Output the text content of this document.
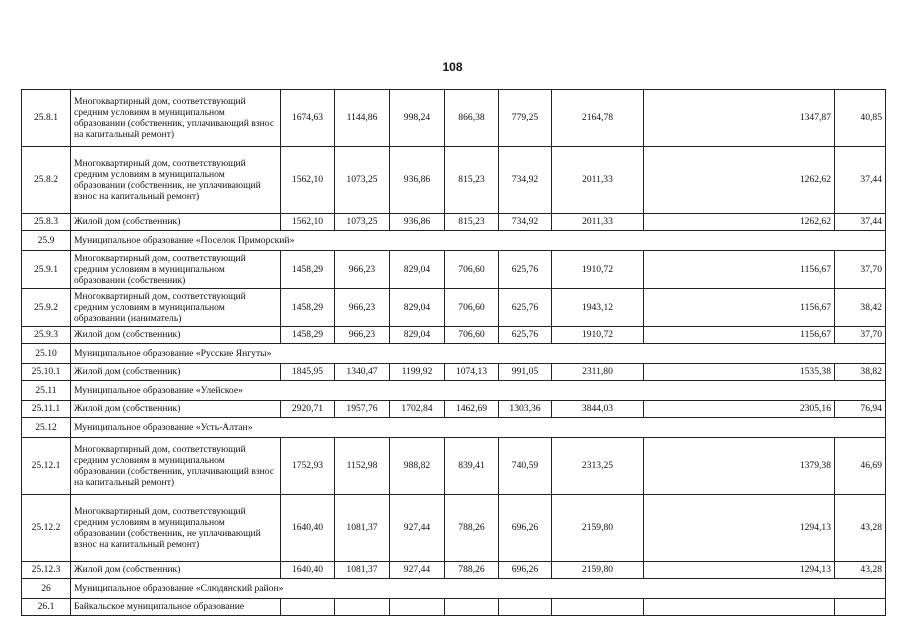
108
25.8.1	Многоквартирный дом, соответствующий средним условиям в муниципальном образовании (собственник, уплачивающий взнос на капитальный ремонт)	1674,63	1144,86	998,24	866,38	779,25	2164,78	1347,87	40,85
25.8.2	Многоквартирный дом, соответствующий средним условиям в муниципальном образовании (собственник, не уплачивающий взнос на капитальный ремонт)	1562,10	1073,25	936,86	815,23	734,92	2011,33	1262,62	37,44
25.8.3	Жилой дом (собственник)	1562,10	1073,25	936,86	815,23	734,92	2011,33	1262,62	37,44
25.9	Муниципальное образование «Поселок Приморский»								
25.9.1	Многоквартирный дом, соответствующий средним условиям в муниципальном образовании (собственник)	1458,29	966,23	829,04	706,60	625,76	1910,72	1156,67	37,70
25.9.2	Многоквартирный дом, соответствующий средним условиям в муниципальном образовании (наниматель)	1458,29	966,23	829,04	706,60	625,76	1943,12	1156,67	38,42
25.9.3	Жилой дом (собственник)	1458,29	966,23	829,04	706,60	625,76	1910,72	1156,67	37,70
25.10	Муниципальное образование «Русские Янгуты»								
25.10.1	Жилой дом (собственник)	1845,95	1340,47	1199,92	1074,13	991,05	2311,80	1535,38	38,82
25.11	Муниципальное образование «Улейское»								
25.11.1	Жилой дом (собственник)	2920,71	1957,76	1702,84	1462,69	1303,36	3844,03	2305,16	76,94
25.12	Муниципальное образование «Усть-Алтан»								
25.12.1	Многоквартирный дом, соответствующий средним условиям в муниципальном образовании (собственник, уплачивающий взнос на капитальный ремонт)	1752,93	1152,98	988,82	839,41	740,59	2313,25	1379,38	46,69
25.12.2	Многоквартирный дом, соответствующий средним условиям в муниципальном образовании (собственник, не уплачивающий взнос на капитальный ремонт)	1640,40	1081,37	927,44	788,26	696,26	2159,80	1294,13	43,28
25.12.3	Жилой дом (собственник)	1640,40	1081,37	927,44	788,26	696,26	2159,80	1294,13	43,28
26	Муниципальное образование «Слюдянский район»								
26.1	Байкальское муниципальное образование								
